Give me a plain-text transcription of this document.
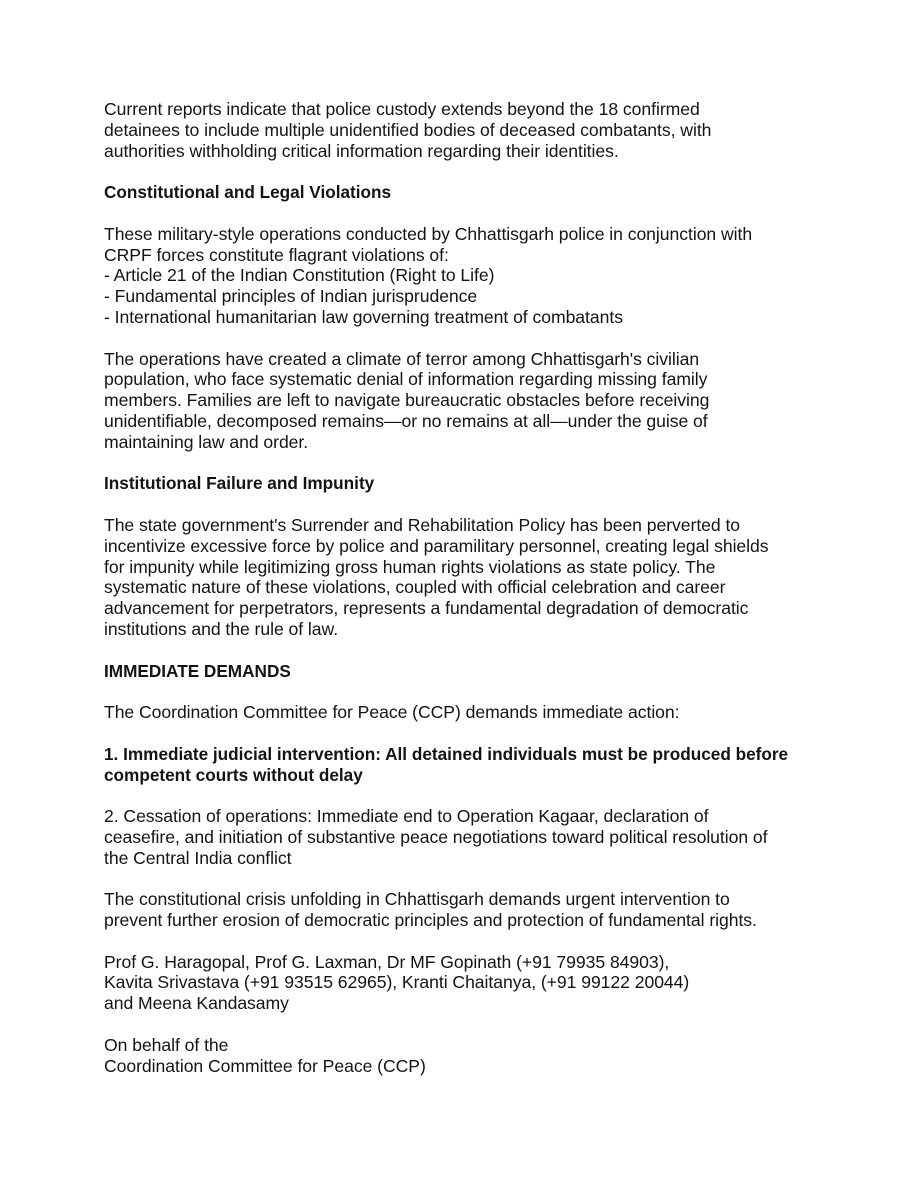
Current reports indicate that police custody extends beyond the 18 confirmed
detainees to include multiple unidentified bodies of deceased combatants, with
authorities withholding critical information regarding their identities.

Constitutional and Legal Violations

These military-style operations conducted by Chhattisgarh police in conjunction with
CRPF forces constitute flagrant violations of:
- Article 21 of the Indian Constitution (Right to Life)
- Fundamental principles of Indian jurisprudence
- International humanitarian law governing treatment of combatants

The operations have created a climate of terror among Chhattisgarh's civilian
population, who face systematic denial of information regarding missing family
members. Families are left to navigate bureaucratic obstacles before receiving
unidentifiable, decomposed remains—or no remains at all—under the guise of
maintaining law and order.

Institutional Failure and Impunity

The state government's Surrender and Rehabilitation Policy has been perverted to
incentivize excessive force by police and paramilitary personnel, creating legal shields
for impunity while legitimizing gross human rights violations as state policy. The
systematic nature of these violations, coupled with official celebration and career
advancement for perpetrators, represents a fundamental degradation of democratic
institutions and the rule of law.

IMMEDIATE DEMANDS

The Coordination Committee for Peace (CCP) demands immediate action:

1. Immediate judicial intervention: All detained individuals must be produced before
competent courts without delay

2. Cessation of operations: Immediate end to Operation Kagaar, declaration of
ceasefire, and initiation of substantive peace negotiations toward political resolution of
the Central India conflict

The constitutional crisis unfolding in Chhattisgarh demands urgent intervention to
prevent further erosion of democratic principles and protection of fundamental rights.

Prof G. Haragopal, Prof G. Laxman, Dr MF Gopinath (+91 79935 84903),
Kavita Srivastava (+91 93515 62965), Kranti Chaitanya, (+91 99122 20044)
and Meena Kandasamy

On behalf of the
Coordination Committee for Peace (CCP)
